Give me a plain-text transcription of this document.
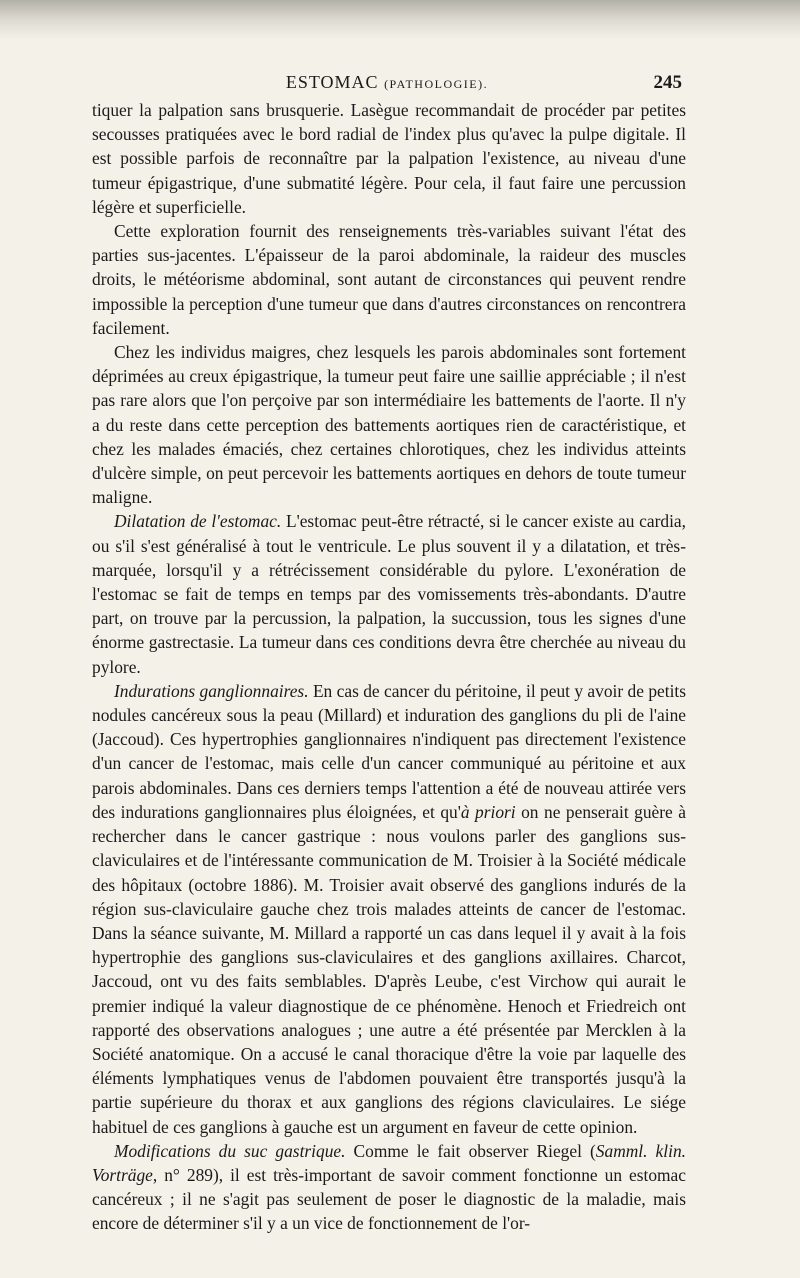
ESTOMAC (PATHOLOGIE).	245

tiquer la palpation sans brusquerie. Lasègue recommandait de procéder par petites secousses pratiquées avec le bord radial de l'index plus qu'avec la pulpe digitale. Il est possible parfois de reconnaître par la palpation l'existence, au niveau d'une tumeur épigastrique, d'une submatité légère. Pour cela, il faut faire une percussion légère et superficielle.

Cette exploration fournit des renseignements très-variables suivant l'état des parties sus-jacentes. L'épaisseur de la paroi abdominale, la raideur des muscles droits, le météorisme abdominal, sont autant de circonstances qui peuvent rendre impossible la perception d'une tumeur que dans d'autres circonstances on rencontrera facilement.

Chez les individus maigres, chez lesquels les parois abdominales sont fortement déprimées au creux épigastrique, la tumeur peut faire une saillie appréciable ; il n'est pas rare alors que l'on perçoive par son intermédiaire les battements de l'aorte. Il n'y a du reste dans cette perception des battements aortiques rien de caractéristique, et chez les malades émaciés, chez certaines chlorotiques, chez les individus atteints d'ulcère simple, on peut percevoir les battements aortiques en dehors de toute tumeur maligne.

Dilatation de l'estomac. L'estomac peut-être rétracté, si le cancer existe au cardia, ou s'il s'est généralisé à tout le ventricule. Le plus souvent il y a dilatation, et très-marquée, lorsqu'il y a rétrécissement considérable du pylore. L'exonération de l'estomac se fait de temps en temps par des vomissements très-abondants. D'autre part, on trouve par la percussion, la palpation, la succussion, tous les signes d'une énorme gastrectasie. La tumeur dans ces conditions devra être cherchée au niveau du pylore.

Indurations ganglionnaires. En cas de cancer du péritoine, il peut y avoir de petits nodules cancéreux sous la peau (Millard) et induration des ganglions du pli de l'aine (Jaccoud). Ces hypertrophies ganglionnaires n'indiquent pas directement l'existence d'un cancer de l'estomac, mais celle d'un cancer communiqué au péritoine et aux parois abdominales. Dans ces derniers temps l'attention a été de nouveau attirée vers des indurations ganglionnaires plus éloignées, et qu'à priori on ne penserait guère à rechercher dans le cancer gastrique : nous voulons parler des ganglions sus-claviculaires et de l'intéressante communication de M. Troisier à la Société médicale des hôpitaux (octobre 1886). M. Troisier avait observé des ganglions indurés de la région sus-claviculaire gauche chez trois malades atteints de cancer de l'estomac. Dans la séance suivante, M. Millard a rapporté un cas dans lequel il y avait à la fois hypertrophie des ganglions sus-claviculaires et des ganglions axillaires. Charcot, Jaccoud, ont vu des faits semblables. D'après Leube, c'est Virchow qui aurait le premier indiqué la valeur diagnostique de ce phénomène. Henoch et Friedreich ont rapporté des observations analogues ; une autre a été présentée par Mercklen à la Société anatomique. On a accusé le canal thoracique d'être la voie par laquelle des éléments lymphatiques venus de l'abdomen pouvaient être transportés jusqu'à la partie supérieure du thorax et aux ganglions des régions claviculaires. Le siége habituel de ces ganglions à gauche est un argument en faveur de cette opinion.

Modifications du suc gastrique. Comme le fait observer Riegel (Samml. klin. Vorträge, n° 289), il est très-important de savoir comment fonctionne un estomac cancéreux ; il ne s'agit pas seulement de poser le diagnostic de la maladie, mais encore de déterminer s'il y a un vice de fonctionnement de l'or-
